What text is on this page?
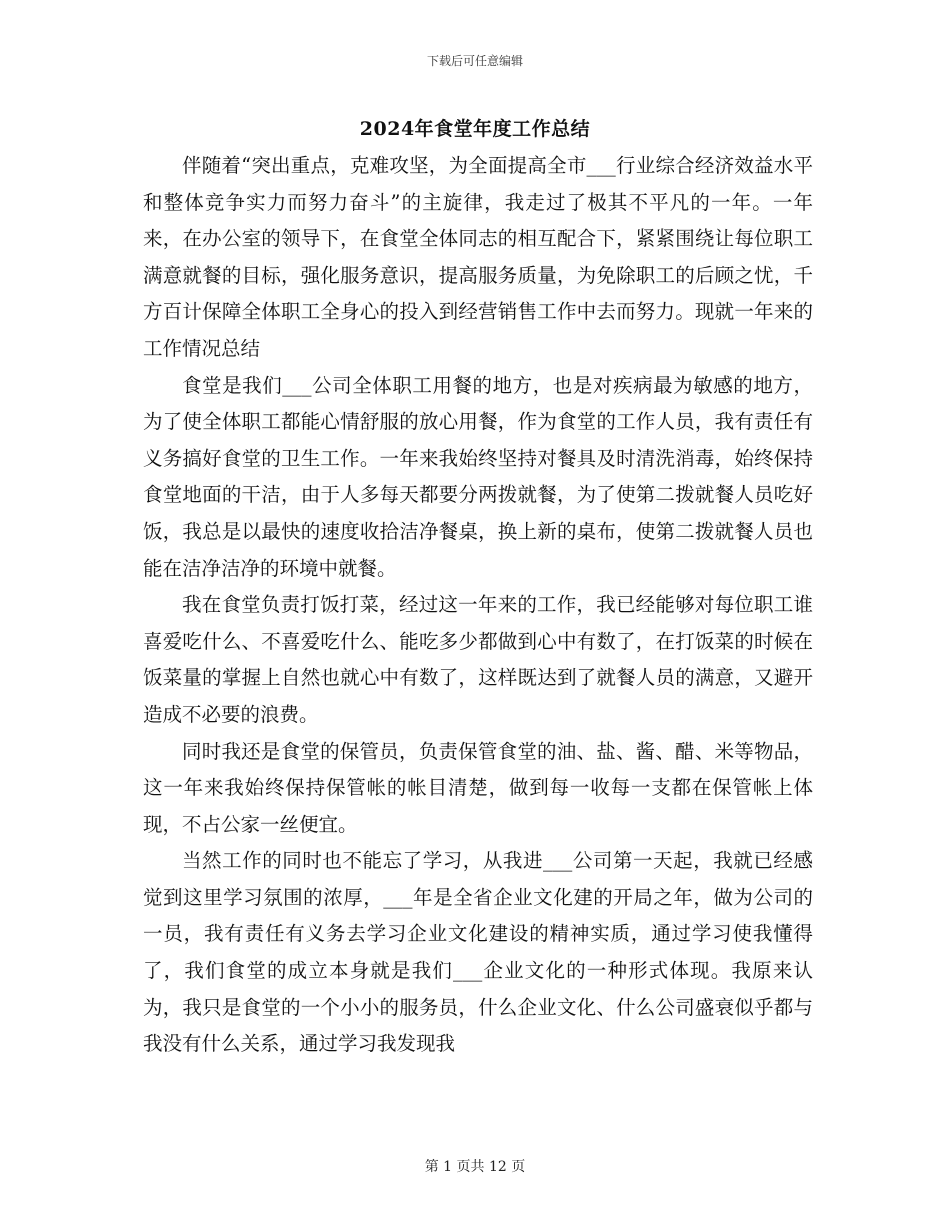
下载后可任意编辑
2024年食堂年度工作总结

伴随着“突出重点，克难攻坚，为全面提高全市___行业综合经济效益水平和整体竞争实力而努力奋斗”的主旋律，我走过了极其不平凡的一年。一年来，在办公室的领导下，在食堂全体同志的相互配合下，紧紧围绕让每位职工满意就餐的目标，强化服务意识，提高服务质量，为免除职工的后顾之忧，千方百计保障全体职工全身心的投入到经营销售工作中去而努力。现就一年来的工作情况总结

食堂是我们___公司全体职工用餐的地方，也是对疾病最为敏感的地方，为了使全体职工都能心情舒服的放心用餐，作为食堂的工作人员，我有责任有义务搞好食堂的卫生工作。一年来我始终坚持对餐具及时清洗消毒，始终保持食堂地面的干洁，由于人多每天都要分两拨就餐，为了使第二拨就餐人员吃好饭，我总是以最快的速度收拾洁净餐桌，换上新的桌布，使第二拨就餐人员也能在洁净洁净的环境中就餐。

我在食堂负责打饭打菜，经过这一年来的工作，我已经能够对每位职工谁喜爱吃什么、不喜爱吃什么、能吃多少都做到心中有数了，在打饭菜的时候在饭菜量的掌握上自然也就心中有数了，这样既达到了就餐人员的满意，又避开造成不必要的浪费。

同时我还是食堂的保管员，负责保管食堂的油、盐、酱、醋、米等物品，这一年来我始终保持保管帐的帐目清楚，做到每一收每一支都在保管帐上体现，不占公家一丝便宜。

当然工作的同时也不能忘了学习，从我进___公司第一天起，我就已经感觉到这里学习氛围的浓厚，___年是全省企业文化建的开局之年，做为公司的一员，我有责任有义务去学习企业文化建设的精神实质，通过学习使我懂得了，我们食堂的成立本身就是我们___企业文化的一种形式体现。我原来认为，我只是食堂的一个小小的服务员，什么企业文化、什么公司盛衰似乎都与我没有什么关系，通过学习我发现我

第 1 页共 12 页
